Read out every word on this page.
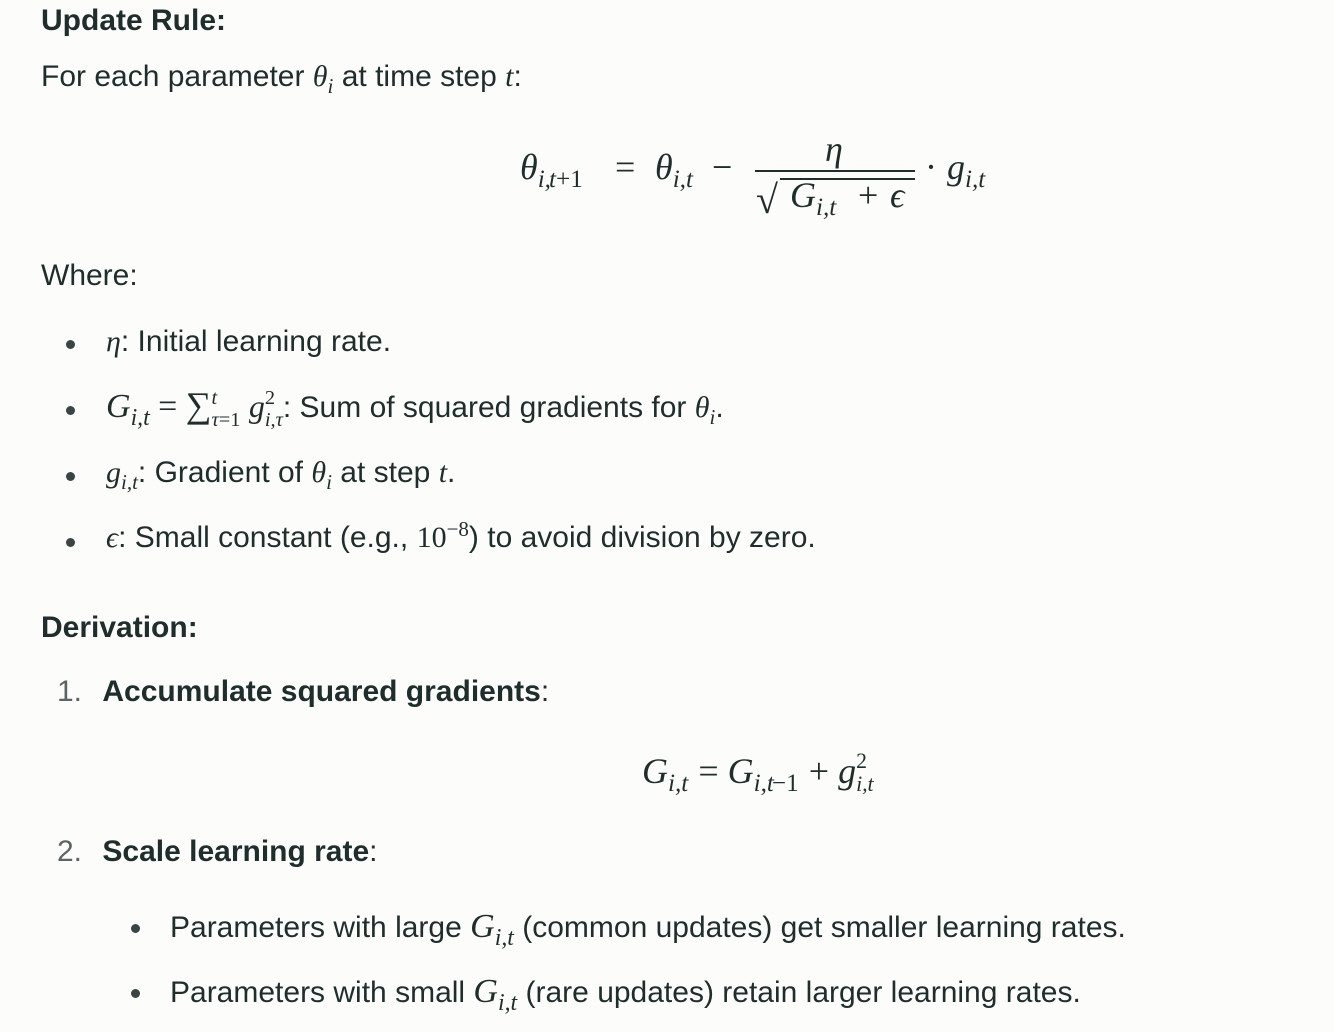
Update Rule:
For each parameter $\theta_i$ at time step t:
$\theta_{i,t+1} = \theta_{i,t}$ −	η
√ $G_{i,t} + \epsilon$
· $g_{i,t}$
Where:
η: Initial learning rate.
$G_{i,t}$ = ∑ t
τ=1 g 2
i,τ : Sum of squared gradients for $\theta_i$.
$g_{i,t}$: Gradient of $\theta_i$ at step t.
ϵ: Small constant (e.g., $10^{-8}$) to avoid division by zero.
Derivation:
1. Accumulate squared gradients:
$G_{i,t} = G_{i,t-1} + g$ 2
i,t
2. Scale learning rate:
Parameters with large $G_{i,t}$ (common updates) get smaller learning rates.
Parameters with small $G_{i,t}$ (rare updates) retain larger learning rates.
